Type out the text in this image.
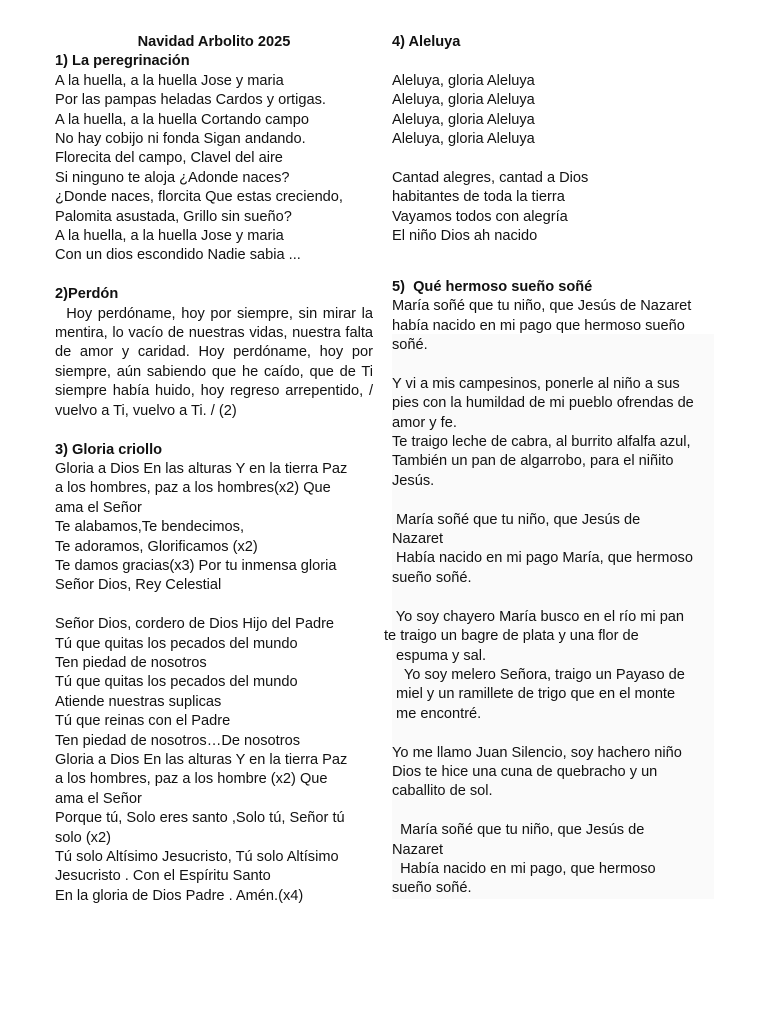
Navidad Arbolito 2025
1) La peregrinación
A la huella, a la huella Jose y maria
Por las pampas heladas Cardos y ortigas.
A la huella, a la huella Cortando campo
No hay cobijo ni fonda Sigan andando.
Florecita del campo, Clavel del aire
Si ninguno te aloja ¿Adonde naces?
¿Donde naces, florcita Que estas creciendo,
Palomita asustada, Grillo sin sueño?
A la huella, a la huella Jose y maria
Con un dios escondido Nadie sabia ...
2)Perdón
Hoy perdóname, hoy por siempre, sin mirar la mentira, lo vacío de nuestras vidas, nuestra falta de amor y caridad. Hoy perdóname, hoy por siempre, aún sabiendo que he caído, que de Ti siempre había huido, hoy regreso arrepentido, / vuelvo a Ti, vuelvo a Ti. / (2)
3) Gloria criollo
Gloria a Dios En las alturas Y en la tierra Paz
a los hombres, paz a los hombres(x2) Que
ama el Señor
Te alabamos,Te bendecimos,
Te adoramos, Glorificamos (x2)
Te damos gracias(x3) Por tu inmensa gloria
Señor Dios, Rey Celestial
Señor Dios, cordero de Dios Hijo del Padre
Tú que quitas los pecados del mundo
Ten piedad de nosotros
Tú que quitas los pecados del mundo
Atiende nuestras suplicas
Tú que reinas con el Padre
Ten piedad de nosotros…De nosotros
Gloria a Dios En las alturas Y en la tierra Paz
a los hombres, paz a los hombre (x2) Que
ama el Señor
Porque tú, Solo eres santo ,Solo tú, Señor tú
solo (x2)
Tú solo Altísimo Jesucristo, Tú solo Altísimo
Jesucristo . Con el Espíritu Santo
En la gloria de Dios Padre . Amén.(x4)
4) Aleluya
Aleluya, gloria Aleluya
Aleluya, gloria Aleluya
Aleluya, gloria Aleluya
Aleluya, gloria Aleluya
Cantad alegres, cantad a Dios
habitantes de toda la tierra
Vayamos todos con alegría
El niño Dios ah nacido
5)  Qué hermoso sueño soñé
María soñé que tu niño, que Jesús de Nazaret
había nacido en mi pago que hermoso sueño
soñé.
Y vi a mis campesinos, ponerle al niño a sus
pies con la humildad de mi pueblo ofrendas de
amor y fe.
Te traigo leche de cabra, al burrito alfalfa azul,
También un pan de algarrobo, para el niñito
Jesús.
María soñé que tu niño, que Jesús de
Nazaret
Había nacido en mi pago María, que hermoso
sueño soñé.
Yo soy chayero María busco en el río mi pan
te traigo un bagre de plata y una flor de
espuma y sal.
Yo soy melero Señora, traigo un Payaso de
miel y un ramillete de trigo que en el monte
me encontré.
Yo me llamo Juan Silencio, soy hachero niño
Dios te hice una cuna de quebracho y un
caballito de sol.
María soñé que tu niño, que Jesús de
Nazaret
Había nacido en mi pago, que hermoso
sueño soñé.
